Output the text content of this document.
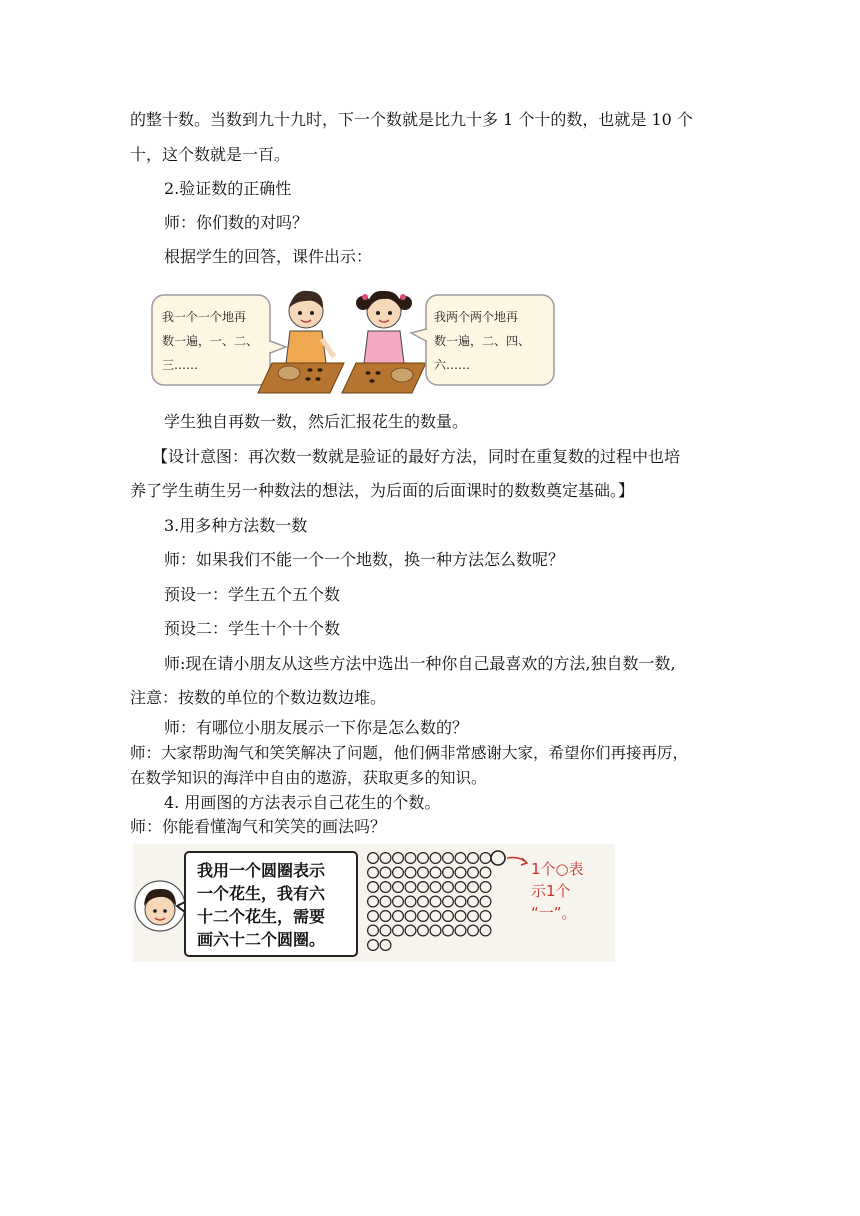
的整十数。当数到九十九时，下一个数就是比九十多 1 个十的数，也就是 10 个
十，这个数就是一百。
2.验证数的正确性
师：你们数的对吗？
根据学生的回答，课件出示：
我一个一个地再
数一遍，一、二、
三……
我两个两个地再
数一遍，二、四、
六……
学生独自再数一数，然后汇报花生的数量。
【设计意图：再次数一数就是验证的最好方法，同时在重复数的过程中也培
养了学生萌生另一种数法的想法，为后面的后面课时的数数奠定基础。】
3.用多种方法数一数
师：如果我们不能一个一个地数，换一种方法怎么数呢？
预设一：学生五个五个数
预设二：学生十个十个数
师:现在请小朋友从这些方法中选出一种你自己最喜欢的方法,独自数一数,
注意：按数的单位的个数边数边堆。
师：有哪位小朋友展示一下你是怎么数的？
师：大家帮助淘气和笑笑解决了问题，他们俩非常感谢大家，希望你们再接再厉，
在数学知识的海洋中自由的遨游，获取更多的知识。
4. 用画图的方法表示自己花生的个数。
师：你能看懂淘气和笑笑的画法吗？
我用一个圆圈表示
一个花生，我有六
十二个花生，需要
画六十二个圆圈。
1个○表
示1个
“一”。
